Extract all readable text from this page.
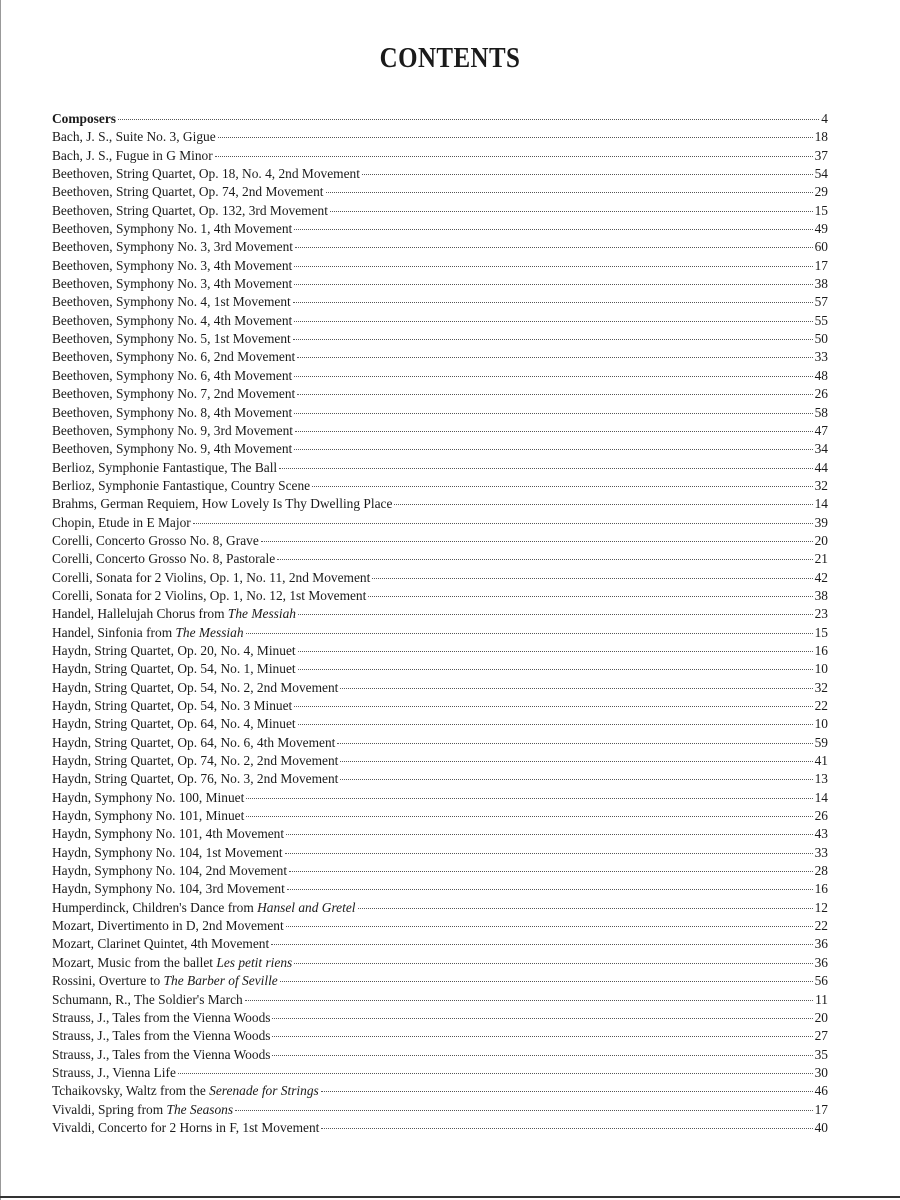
CONTENTS
Composers	4
Bach, J. S., Suite No. 3, Gigue	18
Bach, J. S., Fugue in G Minor	37
Beethoven, String Quartet, Op. 18, No. 4, 2nd Movement	54
Beethoven, String Quartet, Op. 74, 2nd Movement	29
Beethoven, String Quartet, Op. 132, 3rd Movement	15
Beethoven, Symphony No. 1, 4th Movement	49
Beethoven, Symphony No. 3, 3rd Movement	60
Beethoven, Symphony No. 3, 4th Movement	17
Beethoven, Symphony No. 3, 4th Movement	38
Beethoven, Symphony No. 4, 1st Movement	57
Beethoven, Symphony No. 4, 4th Movement	55
Beethoven, Symphony No. 5, 1st Movement	50
Beethoven, Symphony No. 6, 2nd Movement	33
Beethoven, Symphony No. 6, 4th Movement	48
Beethoven, Symphony No. 7, 2nd Movement	26
Beethoven, Symphony No. 8, 4th Movement	58
Beethoven, Symphony No. 9, 3rd Movement	47
Beethoven, Symphony No. 9, 4th Movement	34
Berlioz, Symphonie Fantastique, The Ball	44
Berlioz, Symphonie Fantastique, Country Scene	32
Brahms, German Requiem, How Lovely Is Thy Dwelling Place	14
Chopin, Etude in E Major	39
Corelli, Concerto Grosso No. 8, Grave	20
Corelli, Concerto Grosso No. 8, Pastorale	21
Corelli, Sonata for 2 Violins, Op. 1, No. 11, 2nd Movement	42
Corelli, Sonata for 2 Violins, Op. 1, No. 12, 1st Movement	38
Handel, Hallelujah Chorus from The Messiah	23
Handel, Sinfonia from The Messiah	15
Haydn, String Quartet, Op. 20, No. 4, Minuet	16
Haydn, String Quartet, Op. 54, No. 1, Minuet	10
Haydn, String Quartet, Op. 54, No. 2, 2nd Movement	32
Haydn, String Quartet, Op. 54, No. 3 Minuet	22
Haydn, String Quartet, Op. 64, No. 4, Minuet	10
Haydn, String Quartet, Op. 64, No. 6, 4th Movement	59
Haydn, String Quartet, Op. 74, No. 2, 2nd Movement	41
Haydn, String Quartet, Op. 76, No. 3, 2nd Movement	13
Haydn, Symphony No. 100, Minuet	14
Haydn, Symphony No. 101, Minuet	26
Haydn, Symphony No. 101, 4th Movement	43
Haydn, Symphony No. 104, 1st Movement	33
Haydn, Symphony No. 104, 2nd Movement	28
Haydn, Symphony No. 104, 3rd Movement	16
Humperdinck, Children's Dance from Hansel and Gretel	12
Mozart, Divertimento in D, 2nd Movement	22
Mozart, Clarinet Quintet, 4th Movement	36
Mozart, Music from the ballet Les petit riens	36
Rossini, Overture to The Barber of Seville	56
Schumann, R., The Soldier's March	11
Strauss, J., Tales from the Vienna Woods	20
Strauss, J., Tales from the Vienna Woods	27
Strauss, J., Tales from the Vienna Woods	35
Strauss, J., Vienna Life	30
Tchaikovsky, Waltz from the Serenade for Strings	46
Vivaldi, Spring from The Seasons	17
Vivaldi, Concerto for 2 Horns in F, 1st Movement	40
